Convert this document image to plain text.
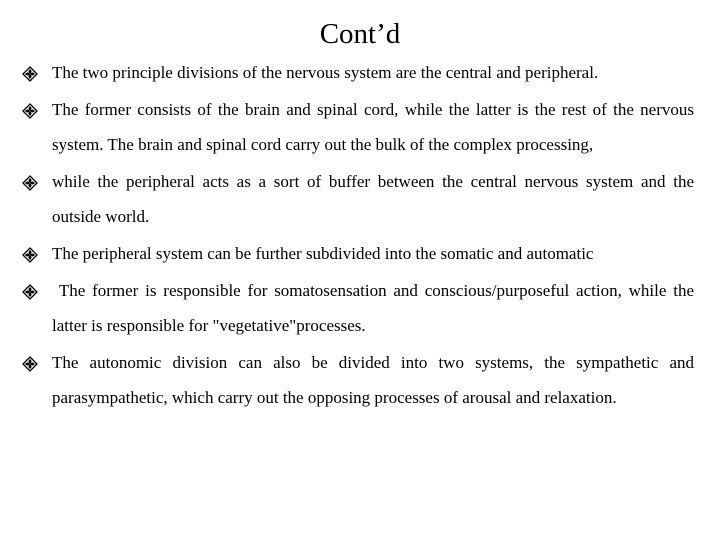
Cont’d
The two principle divisions of the nervous system are the central and peripheral.
The former consists of the brain and spinal cord, while the latter is the rest of the nervous system. The brain and spinal cord carry out the bulk of the complex processing,
while the peripheral acts as a sort of buffer between the central nervous system and the outside world.
The peripheral system can be further subdivided into the somatic and automatic
The former is responsible for somatosensation and conscious/purposeful action, while the latter is responsible for "vegetative"processes.
The autonomic division can also be divided into two systems, the sympathetic and parasympathetic, which carry out the opposing processes of arousal and relaxation.
